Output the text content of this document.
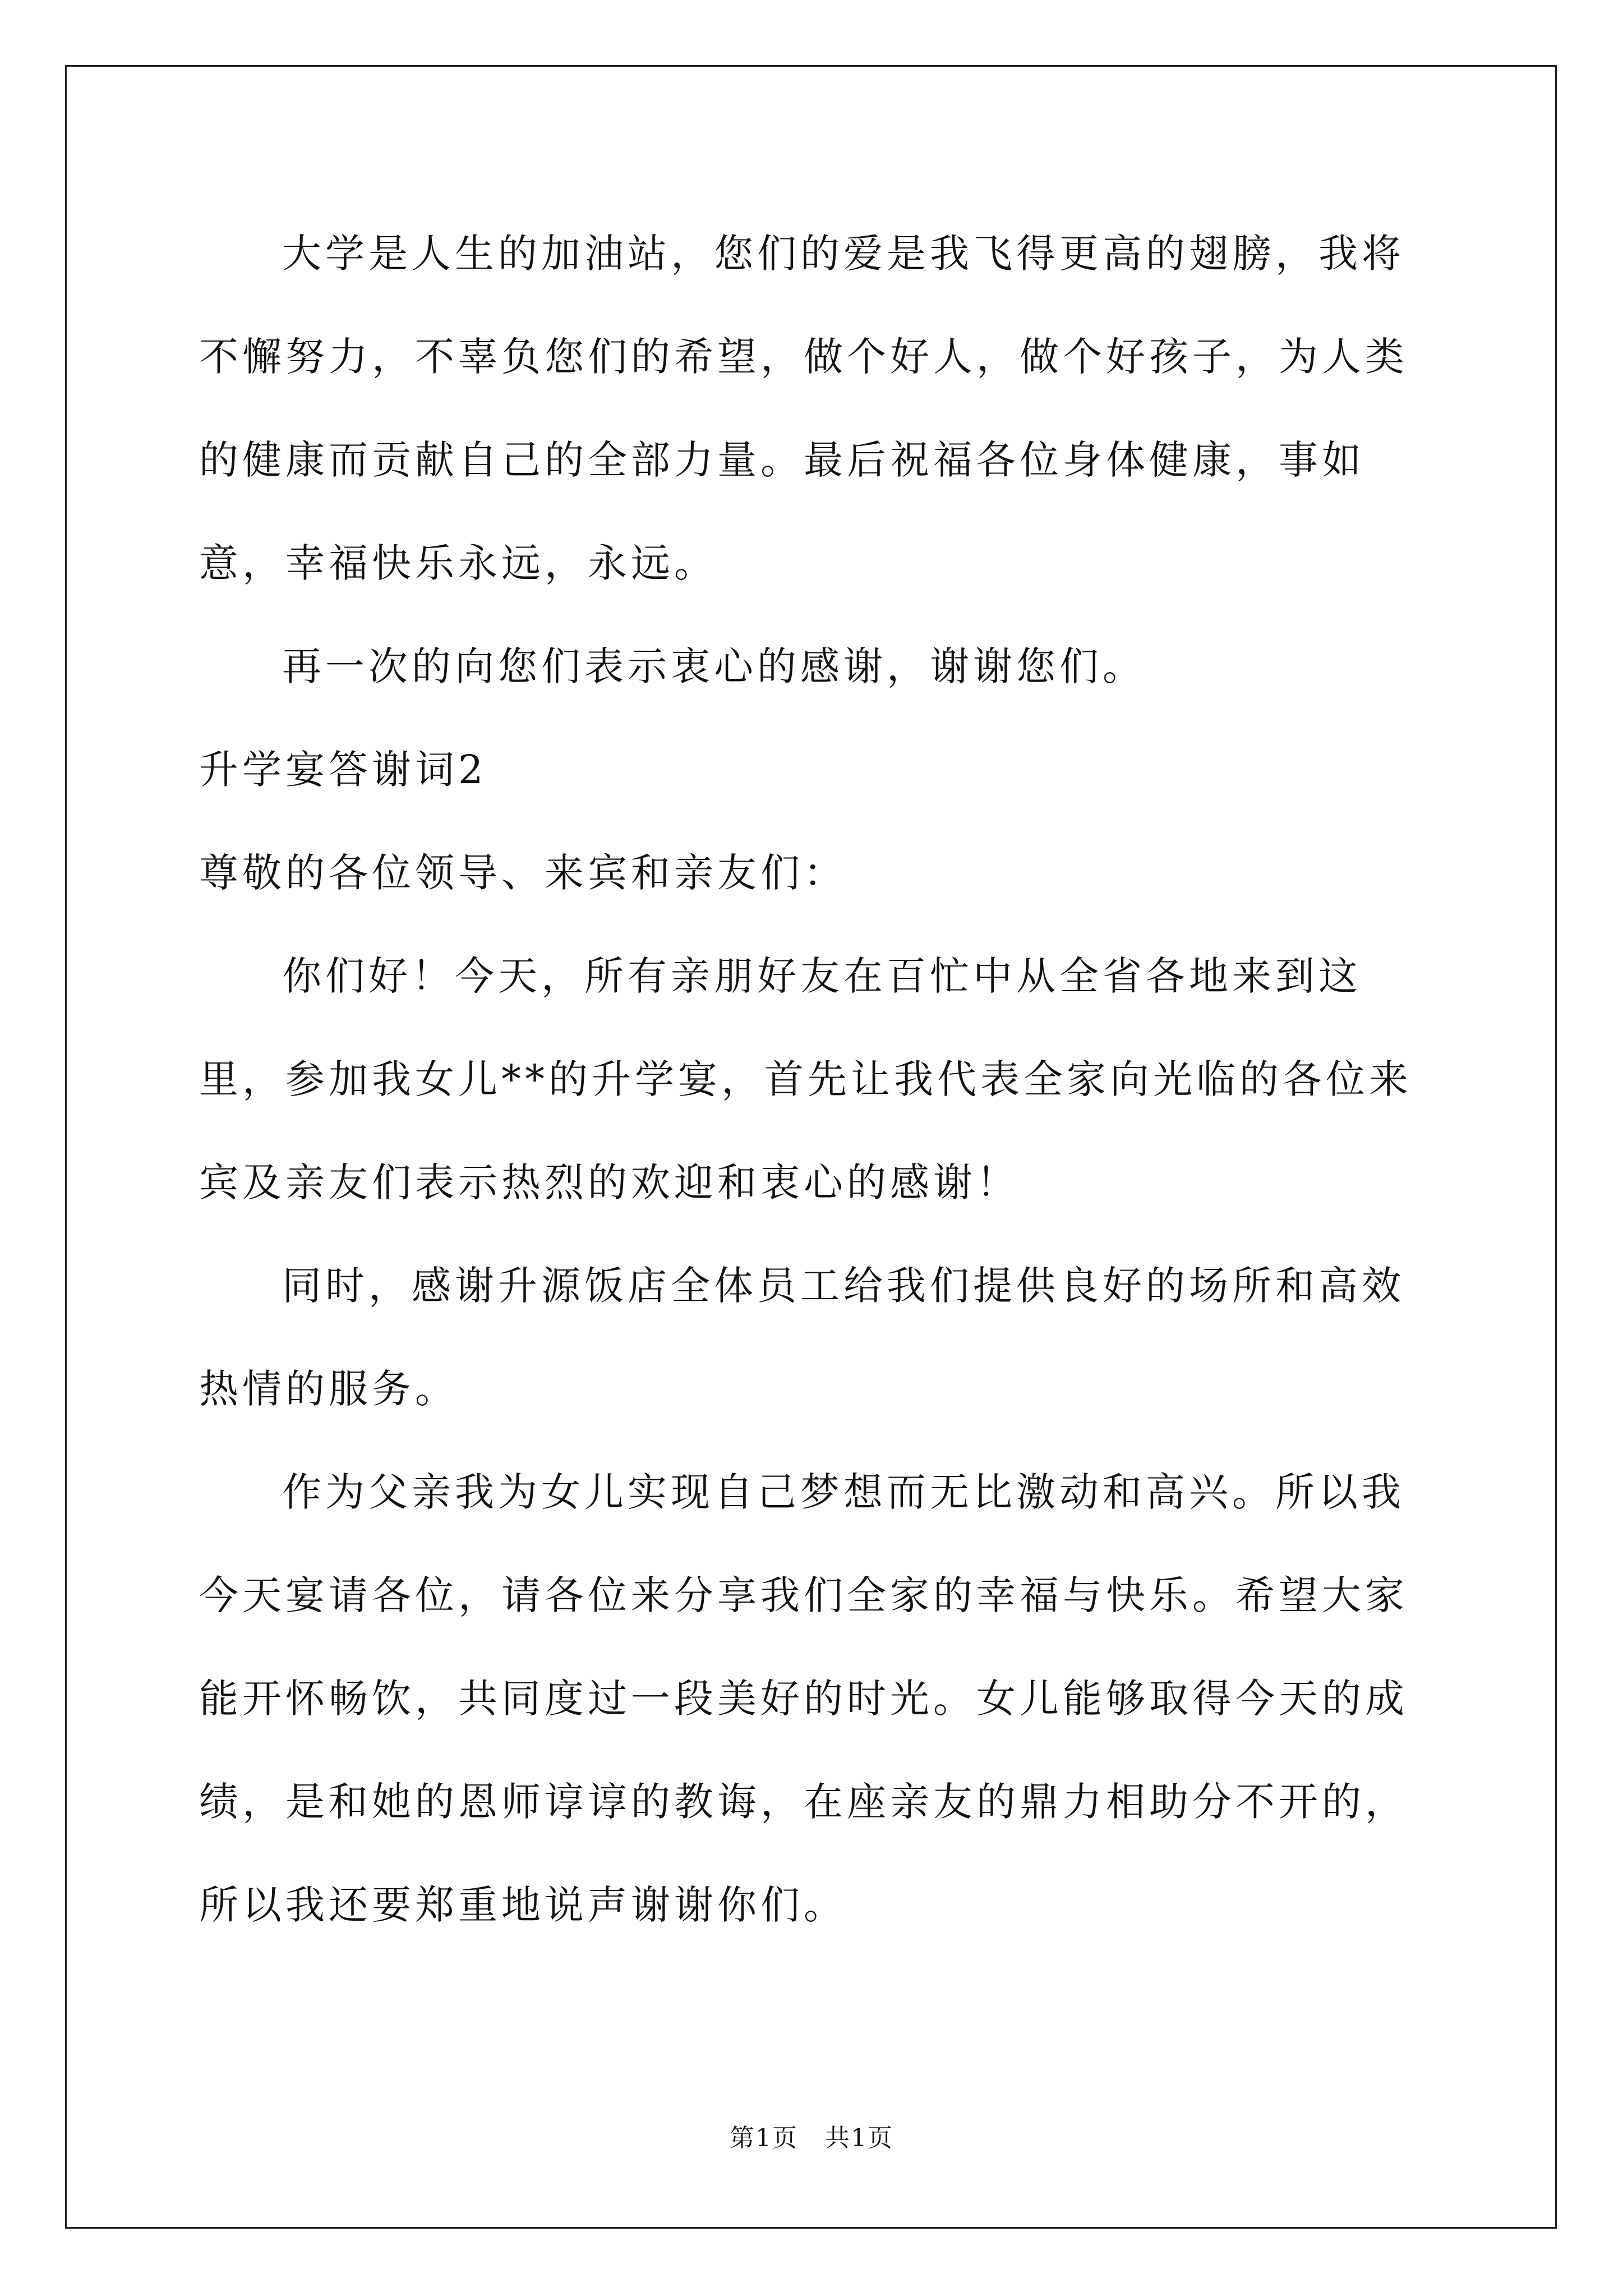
大学是人生的加油站，您们的爱是我飞得更高的翅膀，我将不懈努力，不辜负您们的希望，做个好人，做个好孩子，为人类的健康而贡献自己的全部力量。最后祝福各位身体健康，事如意，幸福快乐永远，永远。

再一次的向您们表示衷心的感谢，谢谢您们。

升学宴答谢词2

尊敬的各位领导、来宾和亲友们：

你们好！今天，所有亲朋好友在百忙中从全省各地来到这里，参加我女儿**的升学宴，首先让我代表全家向光临的各位来宾及亲友们表示热烈的欢迎和衷心的感谢！

同时，感谢升源饭店全体员工给我们提供良好的场所和高效热情的服务。

作为父亲我为女儿实现自己梦想而无比激动和高兴。所以我今天宴请各位，请各位来分享我们全家的幸福与快乐。希望大家能开怀畅饮，共同度过一段美好的时光。女儿能够取得今天的成绩，是和她的恩师谆谆的教诲，在座亲友的鼎力相助分不开的，所以我还要郑重地说声谢谢你们。

第1页   共1页
